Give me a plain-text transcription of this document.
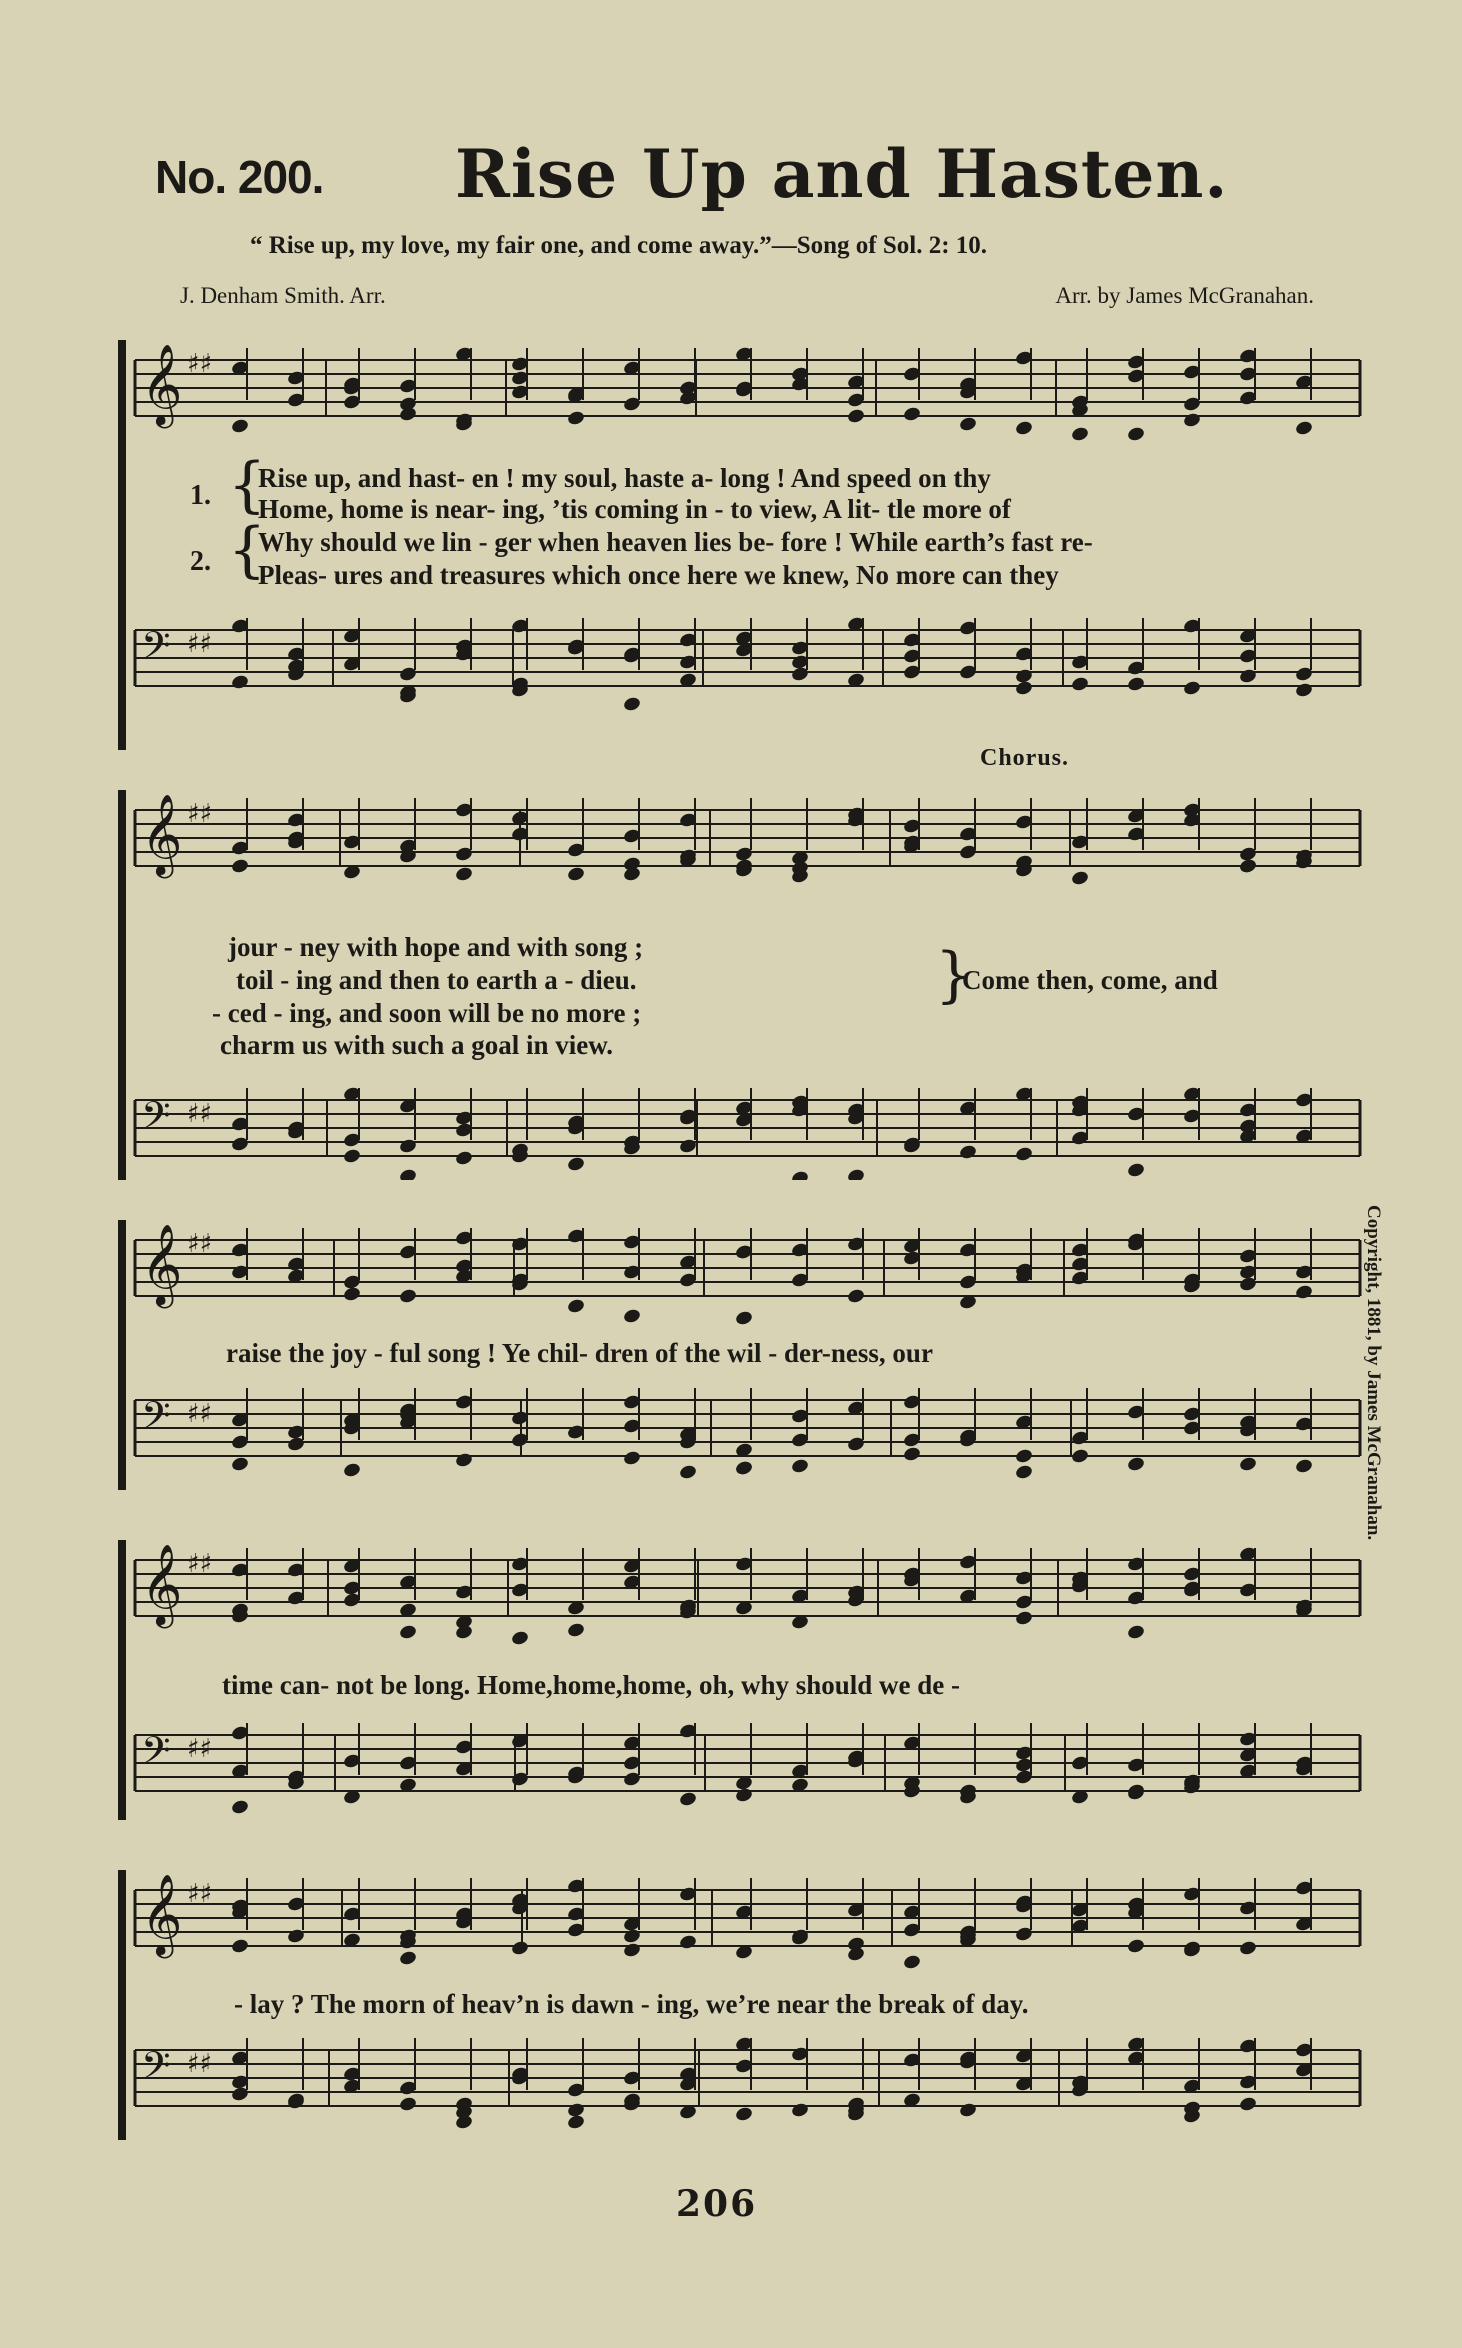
No. 200. Rise Up and Hasten.
“ Rise up, my love, my fair one, and come away.”—Song of Sol. 2: 10.
J. Denham Smith. Arr.	Arr. by James McGranahan.
𝄞 ♯♯
𝄢 ♯♯
1. {
Rise up, and hast- en ! my soul, haste a- long ! And speed on thy
Home, home is near- ing, ’tis coming in - to view, A lit- tle more of
2. {
Why should we lin - ger when heaven lies be- fore ! While earth’s fast re-
Pleas- ures and treasures which once here we knew, No more can they
Chorus.
𝄞 ♯♯
𝄢 ♯♯
jour - ney with hope and with song ;
toil - ing and then to earth a - dieu.
- ced - ing, and soon will be no more ;
charm us with such a goal in view.
}
Come then, come, and
𝄞 ♯♯
𝄢 ♯♯
raise the joy - ful song ! Ye chil- dren of the wil - der-ness, our
𝄞 ♯♯
𝄢 ♯♯
time can- not be long. Home,home,home, oh, why should we de -
𝄞 ♯♯
𝄢 ♯♯
- lay ? The morn of heav’n is dawn - ing, we’re near the break of day.
Copyright, 1881, by James McGranahan.
206
